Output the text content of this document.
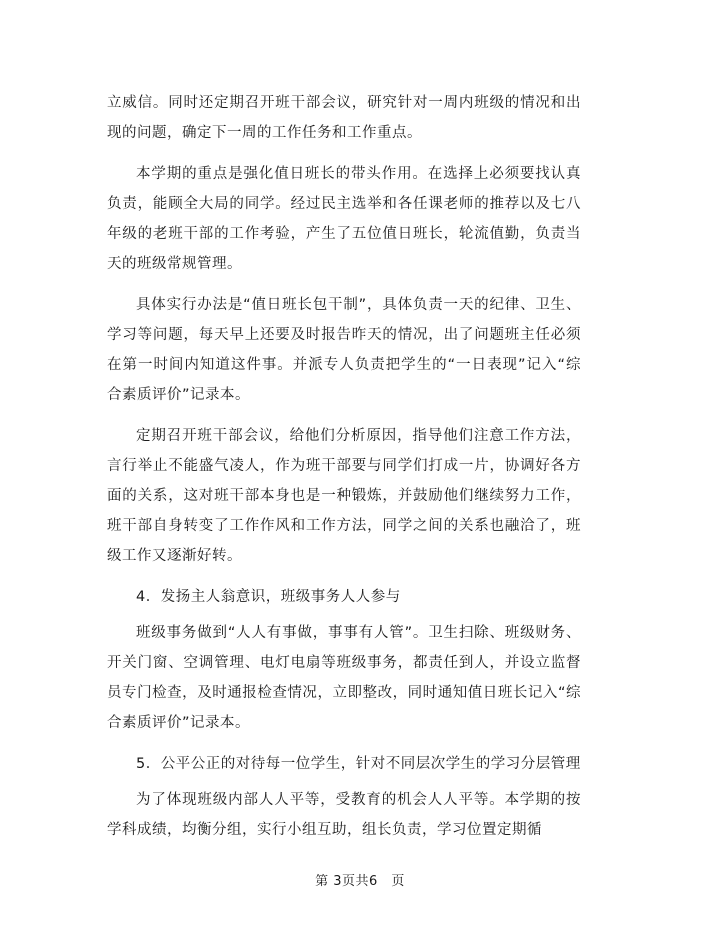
立威信。同时还定期召开班干部会议，研究针对一周内班级的情况和出现的问题，确定下一周的工作任务和工作重点。

本学期的重点是强化值日班长的带头作用。在选择上必须要找认真负责，能顾全大局的同学。经过民主选举和各任课老师的推荐以及七八年级的老班干部的工作考验，产生了五位值日班长，轮流值勤，负责当天的班级常规管理。

具体实行办法是“值日班长包干制”，具体负责一天的纪律、卫生、学习等问题，每天早上还要及时报告昨天的情况，出了问题班主任必须在第一时间内知道这件事。并派专人负责把学生的“一日表现”记入“综合素质评价”记录本。

定期召开班干部会议，给他们分析原因，指导他们注意工作方法，言行举止不能盛气凌人，作为班干部要与同学们打成一片，协调好各方面的关系，这对班干部本身也是一种锻炼，并鼓励他们继续努力工作，班干部自身转变了工作作风和工作方法，同学之间的关系也融洽了，班级工作又逐渐好转。

4．发扬主人翁意识，班级事务人人参与

班级事务做到“人人有事做，事事有人管”。卫生扫除、班级财务、开关门窗、空调管理、电灯电扇等班级事务，都责任到人，并设立监督员专门检查，及时通报检查情况，立即整改，同时通知值日班长记入“综合素质评价”记录本。

5．公平公正的对待每一位学生，针对不同层次学生的学习分层管理

为了体现班级内部人人平等，受教育的机会人人平等。本学期的按学科成绩，均衡分组，实行小组互助，组长负责，学习位置定期循

第 3页共6　页
